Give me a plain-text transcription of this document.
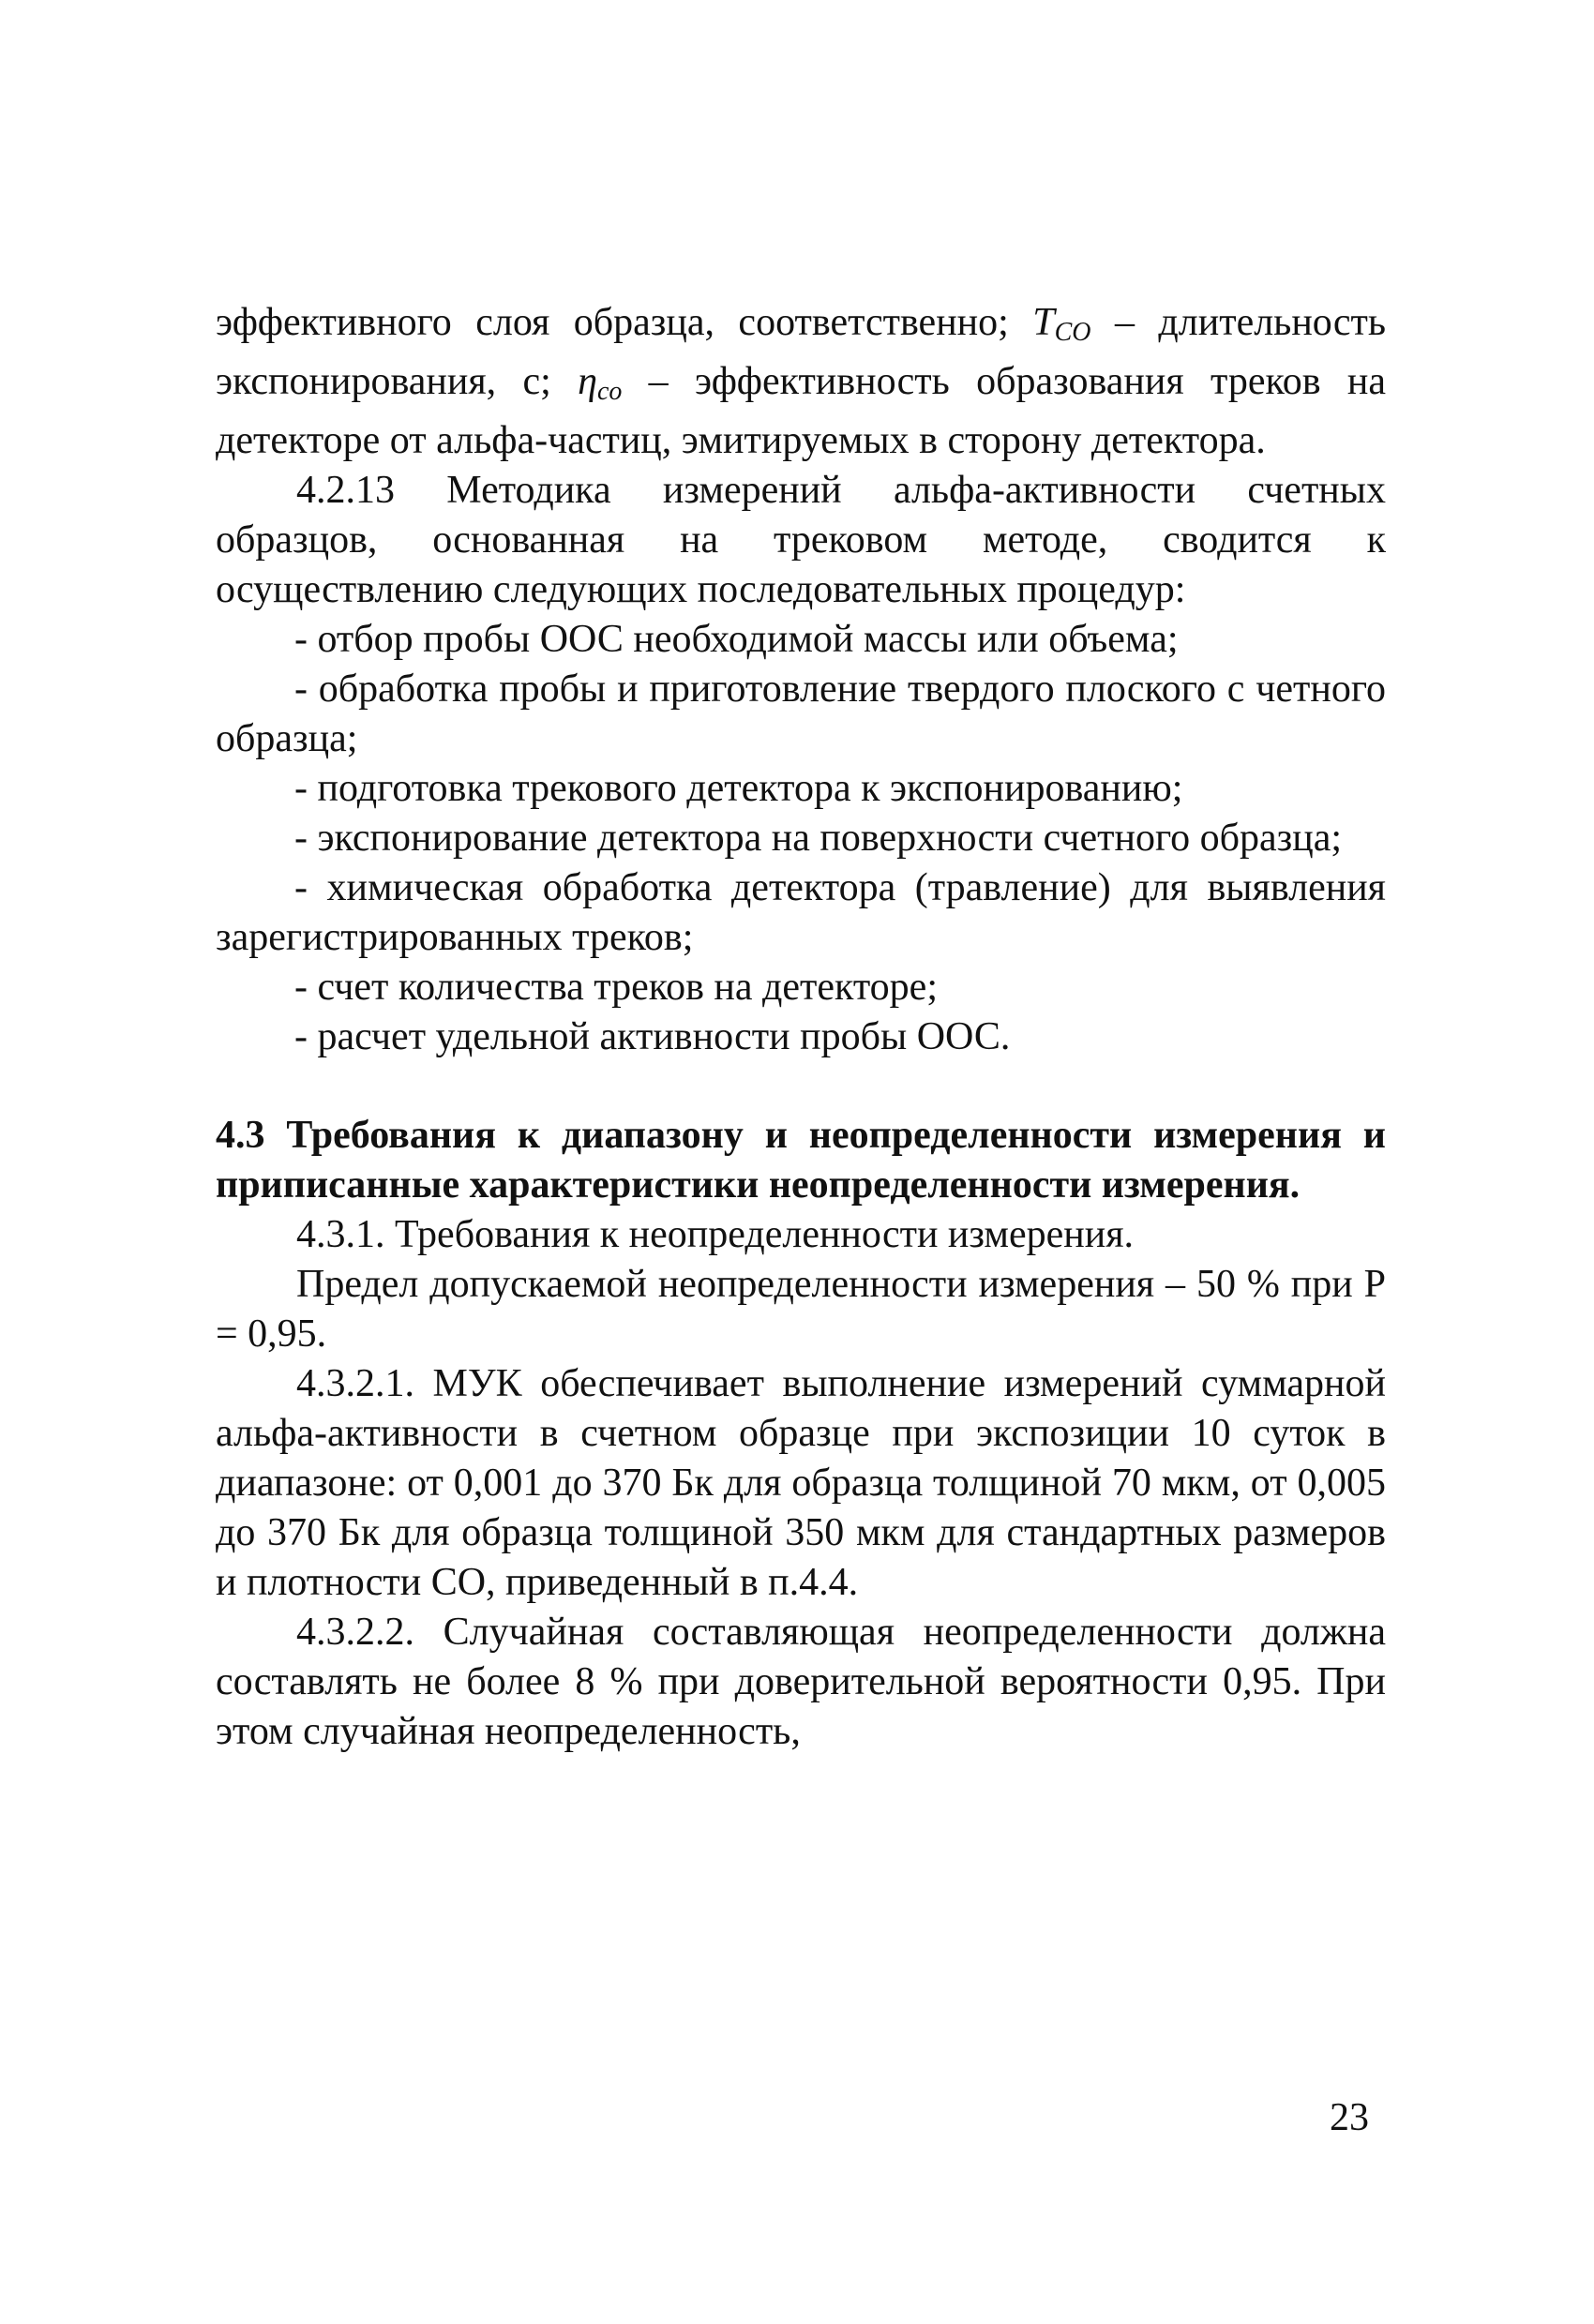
эффективного слоя образца, соответственно; $T_{CO}$ – длительность экспонирования, с; $\eta_{co}$ – эффективность образования треков на детекторе от альфа-частиц, эмитируемых в сторону детектора.

4.2.13 Методика измерений альфа-активности счетных образцов, основанная на трековом методе, сводится к осуществлению следующих последовательных процедур:

- отбор пробы ООС необходимой массы или объема;

- обработка пробы и приготовление твердого плоского с четного образца;

- подготовка трекового детектора к экспонированию;

- экспонирование детектора на поверхности счетного образца;

- химическая обработка детектора (травление) для выявления зарегистрированных треков;

- счет количества треков на детекторе;

- расчет удельной активности пробы ООС.

4.3 Требования к диапазону и неопределенности измерения и приписанные характеристики неопределенности измерения.

4.3.1. Требования к неопределенности измерения.

Предел допускаемой неопределенности измерения – 50 % при Р = 0,95.

4.3.2.1. МУК обеспечивает выполнение измерений суммарной альфа-активности в счетном образце при экспозиции 10 суток в диапазоне: от 0,001 до 370 Бк для образца толщиной 70 мкм, от 0,005 до 370 Бк для образца толщиной 350 мкм для стандартных размеров и плотности СО, приведенный в п.4.4.

4.3.2.2. Случайная составляющая неопределенности должна составлять не более 8 % при доверительной вероятности 0,95. При этом случайная неопределенность,

23
